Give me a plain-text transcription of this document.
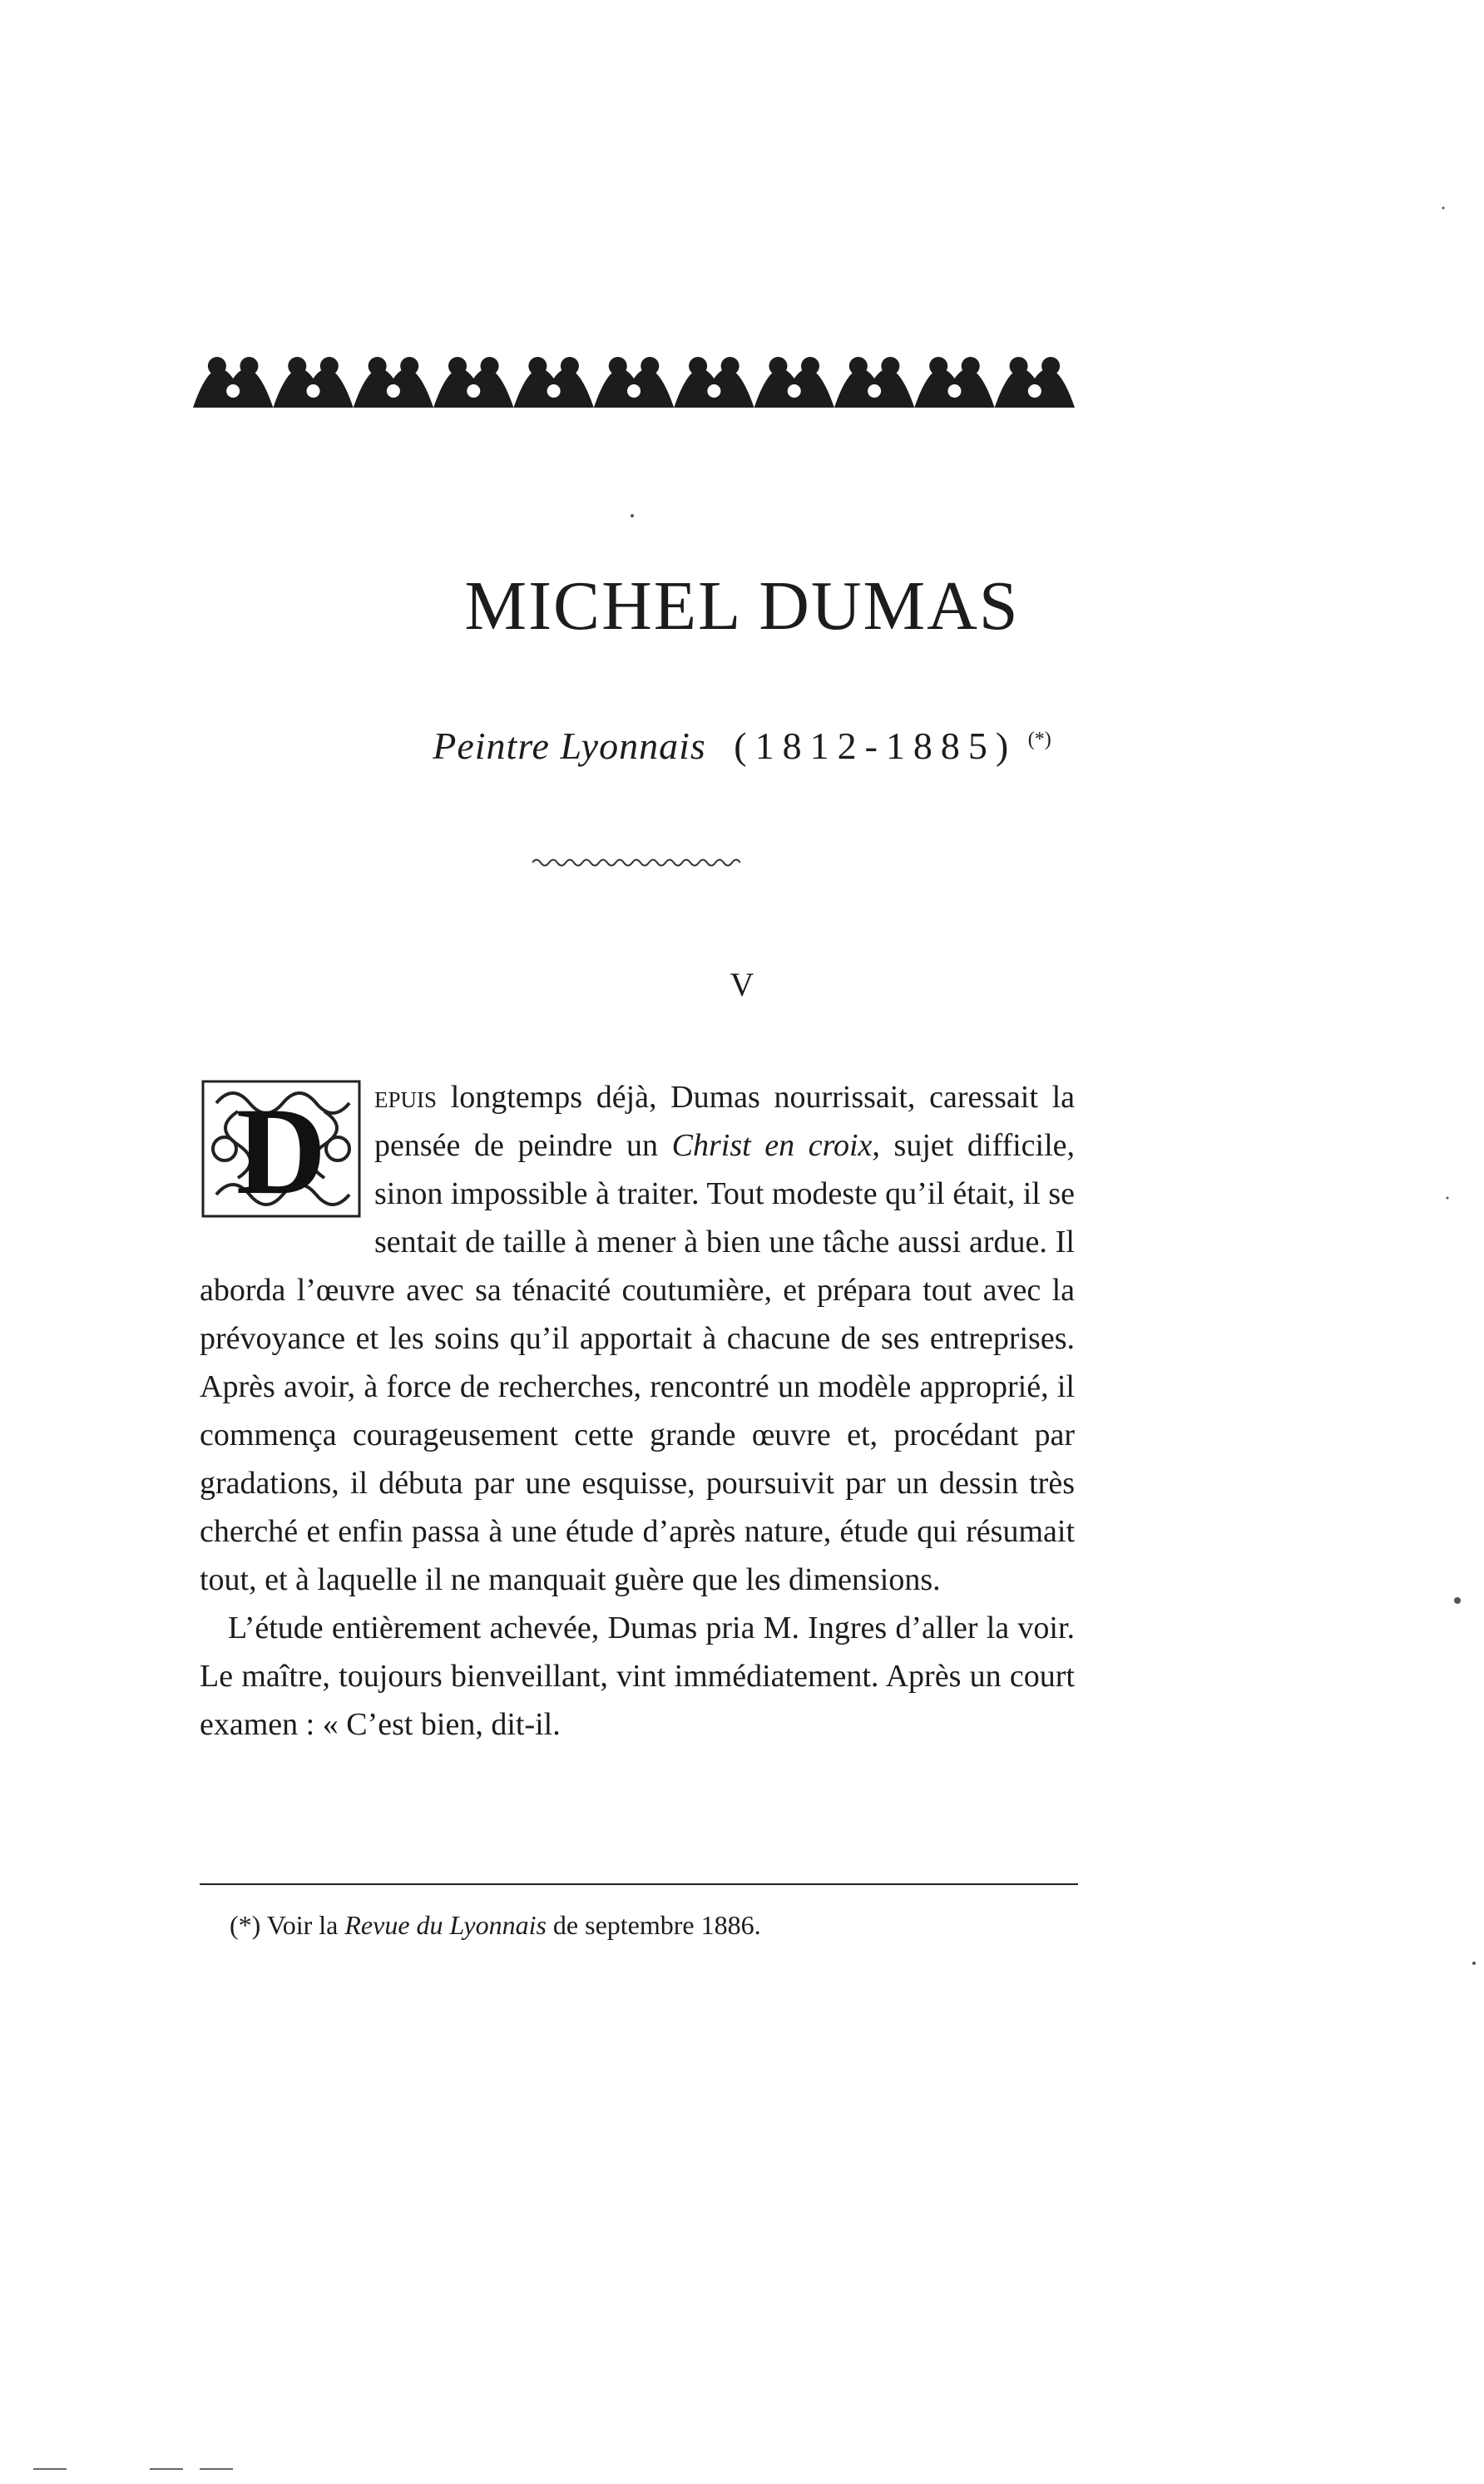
MICHEL DUMAS
Peintre Lyonnais (1812-1885) (*)
V

D epuis longtemps déjà, Dumas nourrissait, caressait la pensée de peindre un Christ en croix, sujet difficile, sinon impossible à traiter. Tout modeste qu’il était, il se sentait de taille à mener à bien une tâche aussi ardue. Il aborda l’œuvre avec sa ténacité coutumière, et prépara tout avec la prévoyance et les soins qu’il apportait à chacune de ses entreprises. Après avoir, à force de recherches, rencontré un modèle approprié, il commença courageusement cette grande œuvre et, procédant par gradations, il débuta par une esquisse, poursuivit par un dessin très cherché et enfin passa à une étude d’après nature, étude qui résumait tout, et à laquelle il ne manquait guère que les dimensions.

L’étude entièrement achevée, Dumas pria M. Ingres d’aller la voir. Le maître, toujours bienveillant, vint immédiatement. Après un court examen : « C’est bien, dit-il.

(*) Voir la Revue du Lyonnais de septembre 1886.
